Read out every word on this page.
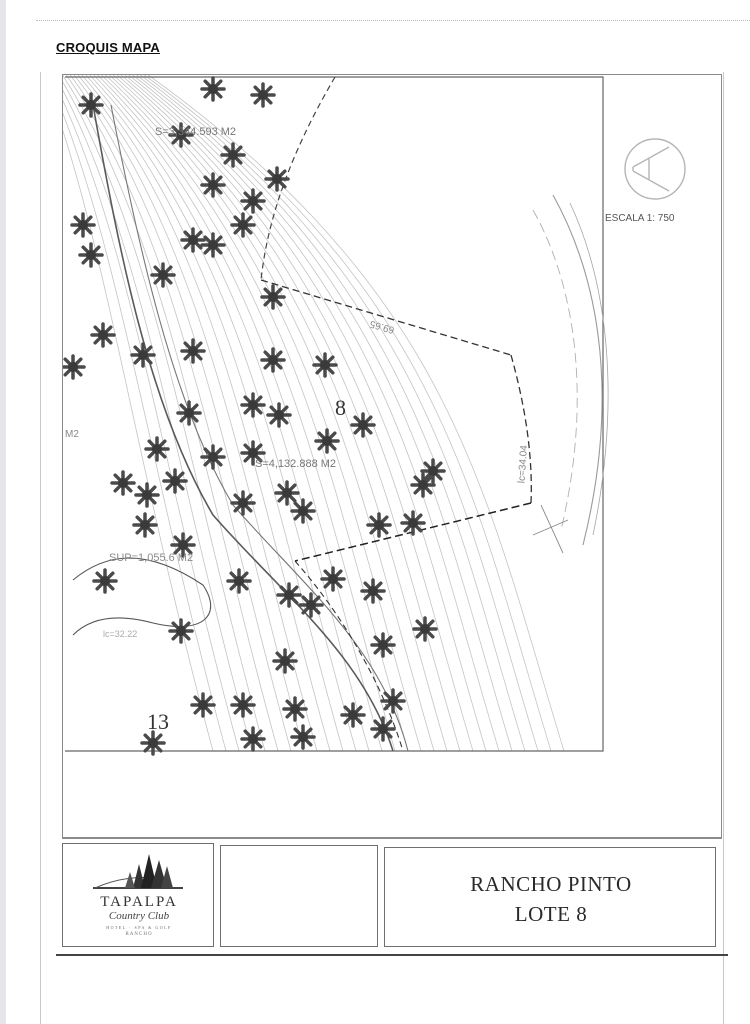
CROQUIS MAPA
ESCALA 1: 750
S=3,344.593 M2
S=4,132.888 M2
SUP=1,055.6 M2
M2
8
13
69.65
lc=34.04
lc=32.22
TAPALPA
Country Club
HOTEL · SPA & GOLF
RANCHO
RANCHO PINTO
LOTE 8
